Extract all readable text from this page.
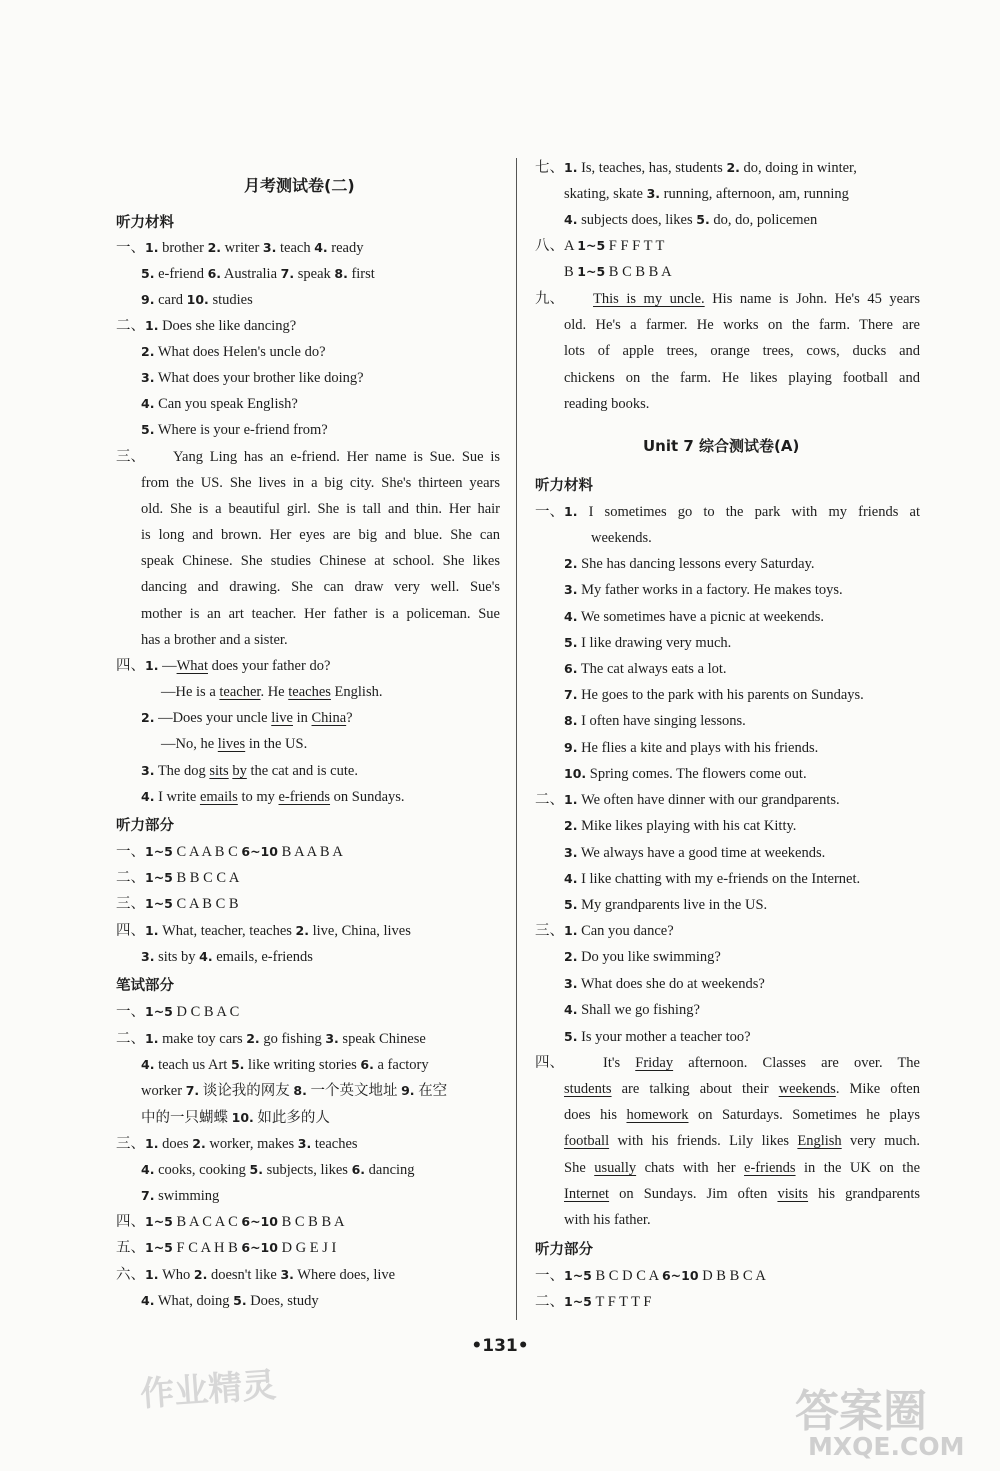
月考测试卷(二)
听力材料
一、1. brother 2. writer 3. teach 4. ready
5. e-friend 6. Australia 7. speak 8. first
9. card 10. studies
二、1. Does she like dancing?
2. What does Helen's uncle do?
3. What does your brother like doing?
4. Can you speak English?
5. Where is your e-friend from?
三、 Yang Ling has an e-friend. Her name is Sue. Sue is
from the US. She lives in a big city. She's thirteen years
old. She is a beautiful girl. She is tall and thin. Her hair
is long and brown. Her eyes are big and blue. She can
speak Chinese. She studies Chinese at school. She likes
dancing and drawing. She can draw very well. Sue's
mother is an art teacher. Her father is a policeman. Sue
has a brother and a sister.
四、1. —What does your father do?
—He is a teacher. He teaches English.
2. —Does your uncle live in China?
—No, he lives in the US.
3. The dog sits by the cat and is cute.
4. I write emails to my e-friends on Sundays.
听力部分
一、1~5 C A A B C 6~10 B A A B A
二、1~5 B B C C A
三、1~5 C A B C B
四、1. What, teacher, teaches 2. live, China, lives
3. sits by 4. emails, e-friends
笔试部分
一、1~5 D C B A C
二、1. make toy cars 2. go fishing 3. speak Chinese
4. teach us Art 5. like writing stories 6. a factory
worker 7. 谈论我的网友 8. 一个英文地址 9. 在空
中的一只蝴蝶 10. 如此多的人
三、1. does 2. worker, makes 3. teaches
4. cooks, cooking 5. subjects, likes 6. dancing
7. swimming
四、1~5 B A C A C 6~10 B C B B A
五、1~5 F C A H B 6~10 D G E J I
六、1. Who 2. doesn't like 3. Where does, live
4. What, doing 5. Does, study
七、1. Is, teaches, has, students 2. do, doing in winter,
skating, skate 3. running, afternoon, am, running
4. subjects does, likes 5. do, do, policemen
八、A 1~5 F F F T T
B 1~5 B C B B A
九、 This is my uncle. His name is John. He's 45 years
old. He's a farmer. He works on the farm. There are
lots of apple trees, orange trees, cows, ducks and
chickens on the farm. He likes playing football and
reading books.
Unit 7 综合测试卷(A)
听力材料
一、 1. I sometimes go to the park with my friends at
weekends.
2. She has dancing lessons every Saturday.
3. My father works in a factory. He makes toys.
4. We sometimes have a picnic at weekends.
5. I like drawing very much.
6. The cat always eats a lot.
7. He goes to the park with his parents on Sundays.
8. I often have singing lessons.
9. He flies a kite and plays with his friends.
10. Spring comes. The flowers come out.
二、1. We often have dinner with our grandparents.
2. Mike likes playing with his cat Kitty.
3. We always have a good time at weekends.
4. I like chatting with my e-friends on the Internet.
5. My grandparents live in the US.
三、1. Can you dance?
2. Do you like swimming?
3. What does she do at weekends?
4. Shall we go fishing?
5. Is your mother a teacher too?
四、	It's Friday afternoon. Classes are over. The
students are talking about their weekends. Mike often
does his homework on Saturdays. Sometimes he plays
football with his friends. Lily likes English very much.
She usually chats with her e-friends in the UK on the
Internet on Sundays. Jim often visits his grandparents
with his father.
听力部分
一、1~5 B C D C A 6~10 D B B C A
二、1~5 T F T T F
•131•
作业精灵	答案圈
MXQE.COM
